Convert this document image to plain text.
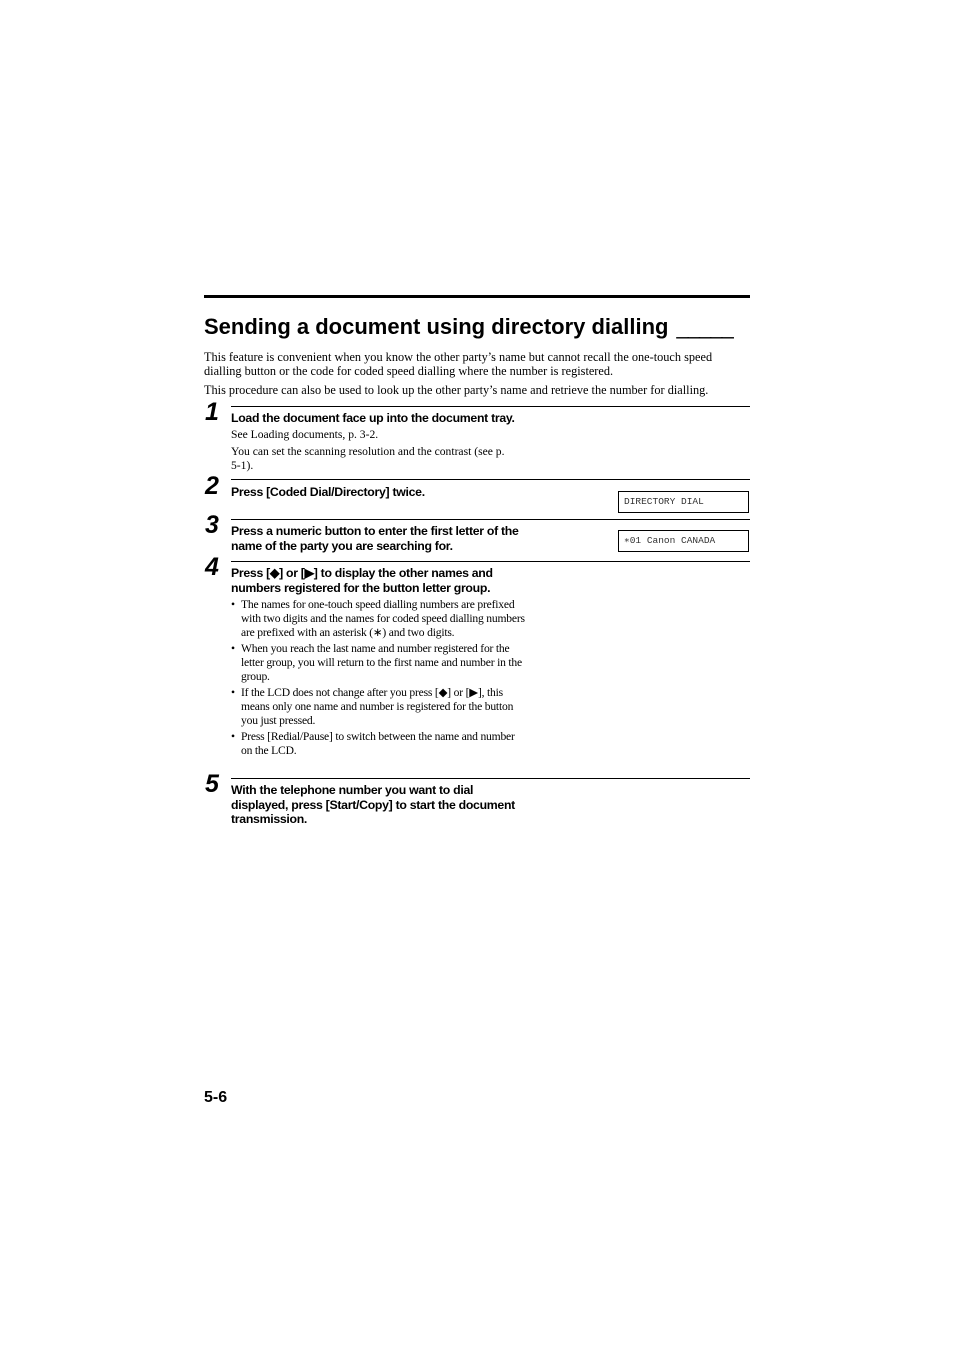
Sending a document using directory dialling _____

This feature is convenient when you know the other party’s name but cannot recall the one-touch speed dialling button or the code for coded speed dialling where the number is registered.

This procedure can also be used to look up the other party’s name and retrieve the number for dialling.

1 Load the document face up into the document tray.
See Loading documents, p. 3-2.
You can set the scanning resolution and the contrast (see p. 5-1).
2 Press [Coded Dial/Directory] twice.
DIRECTORY DIAL
3 Press a numeric button to enter the first letter of the name of the party you are searching for.	∗01 Canon CANADA
4 Press [◆] or [▶] to display the other names and numbers registered for the button letter group.
• The names for one-touch speed dialling numbers are prefixed with two digits and the names for coded speed dialling numbers are prefixed with an asterisk (∗) and two digits.
• When you reach the last name and number registered for the letter group, you will return to the first name and number in the group.
• If the LCD does not change after you press [◆] or [▶], this means only one name and number is registered for the button you just pressed.
• Press [Redial/Pause] to switch between the name and number on the LCD.
5 With the telephone number you want to dial displayed, press [Start/Copy] to start the document transmission.
5-6
